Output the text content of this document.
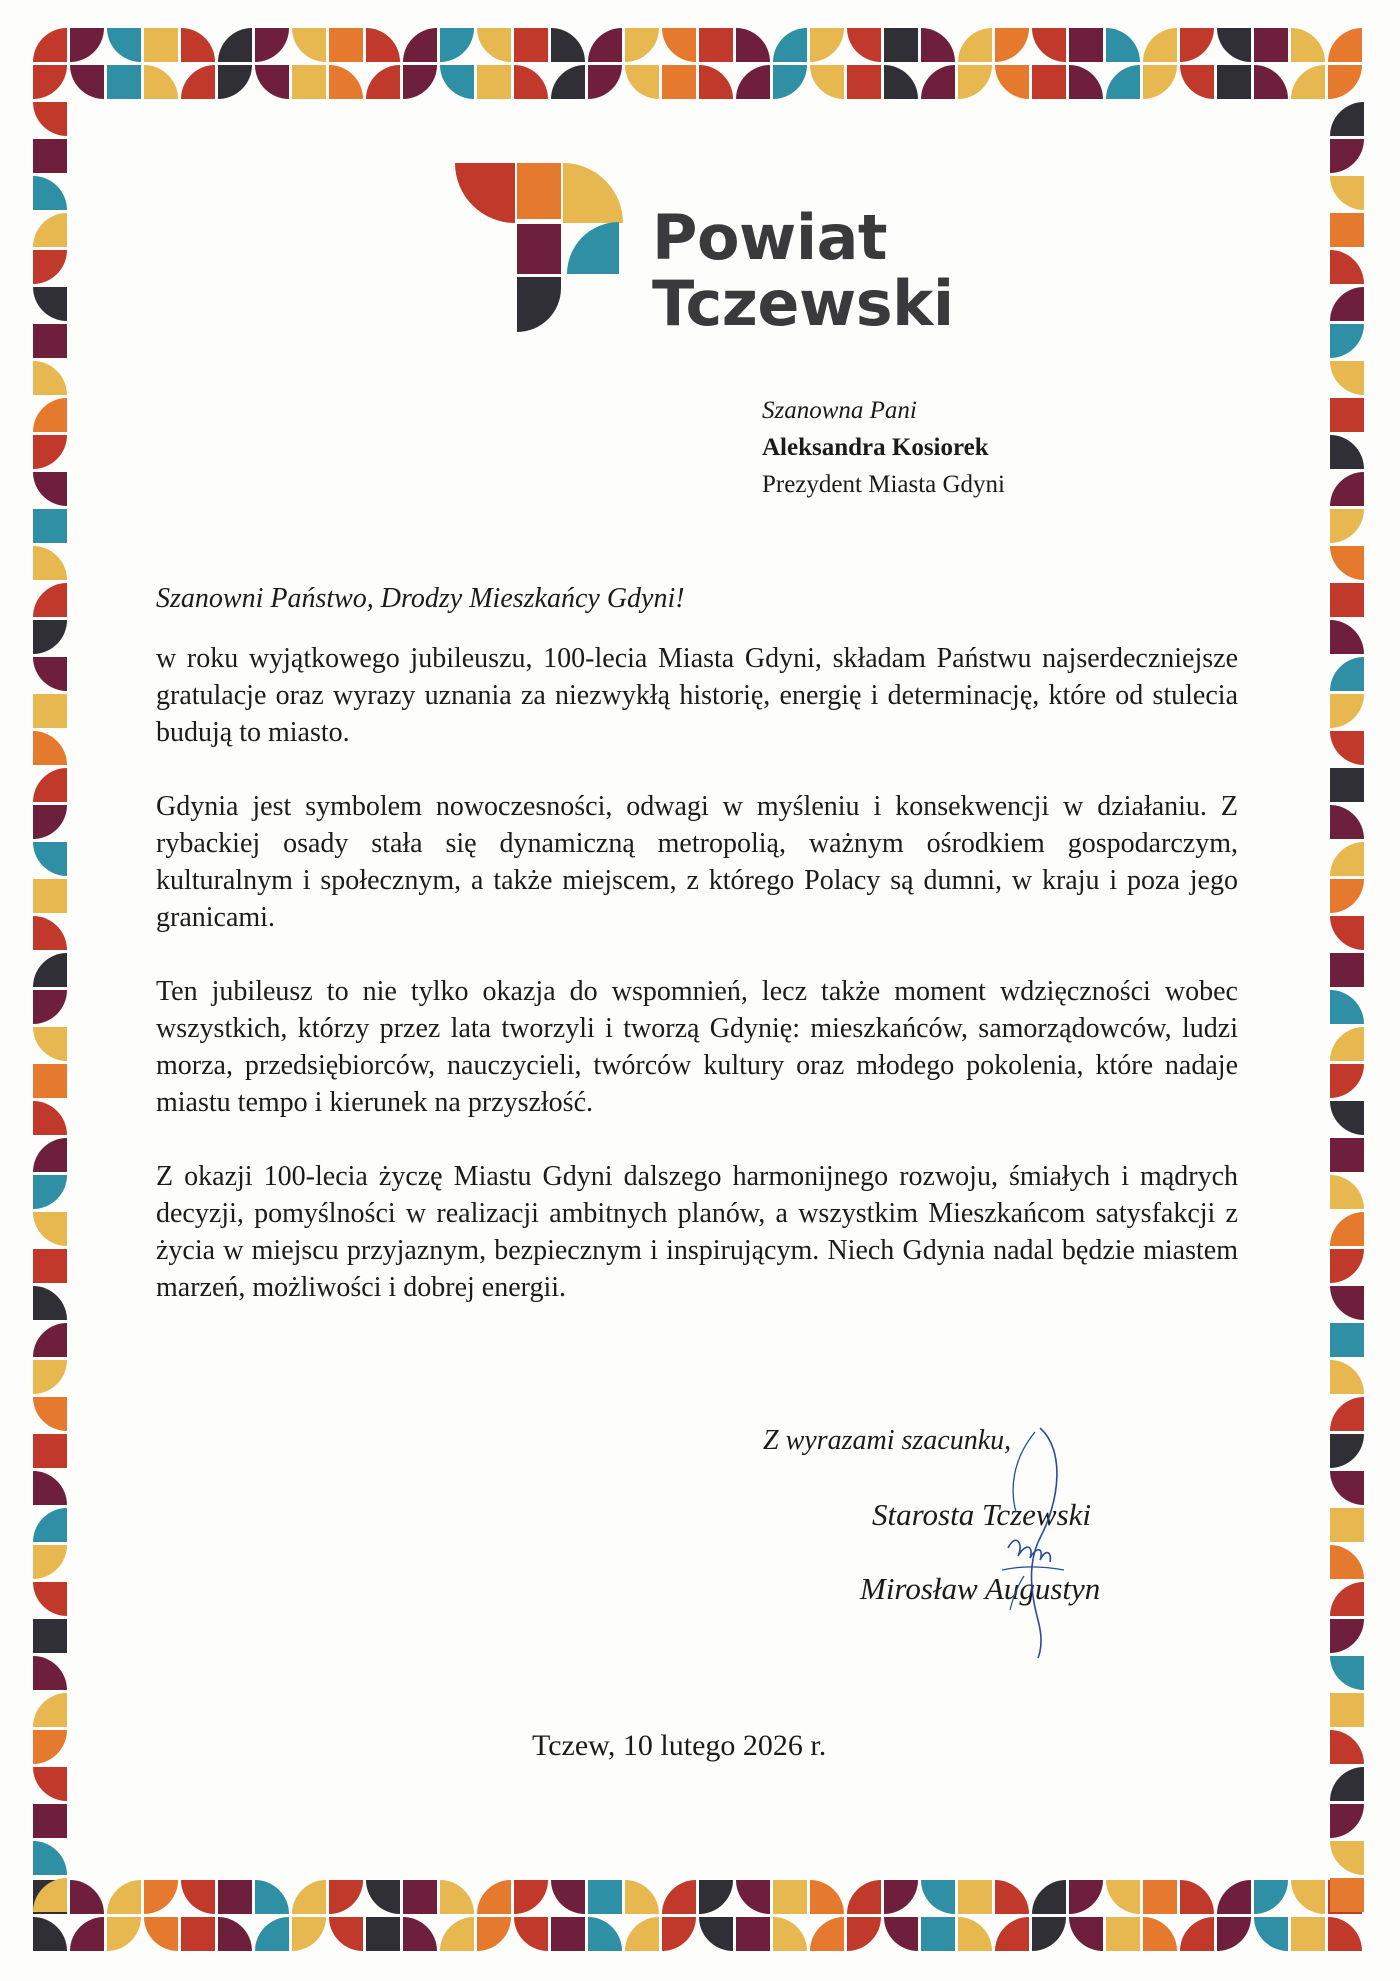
Powiat
Tczewski
Szanowna Pani
Aleksandra Kosiorek
Prezydent Miasta Gdyni
Szanowni Państwo, Drodzy Mieszkańcy Gdyni!

w roku wyjątkowego jubileuszu, 100-lecia Miasta Gdyni, składam Państwu najserdeczniejsze gratulacje oraz wyrazy uznania za niezwykłą historię, energię i determinację, które od stulecia budują to miasto.

Gdynia jest symbolem nowoczesności, odwagi w myśleniu i konsekwencji w działaniu. Z rybackiej osady stała się dynamiczną metropolią, ważnym ośrodkiem gospodarczym, kulturalnym i społecznym, a także miejscem, z którego Polacy są dumni, w kraju i poza jego granicami.

Ten jubileusz to nie tylko okazja do wspomnień, lecz także moment wdzięczności wobec wszystkich, którzy przez lata tworzyli i tworzą Gdynię: mieszkańców, samorządowców, ludzi morza, przedsiębiorców, nauczycieli, twórców kultury oraz młodego pokolenia, które nadaje miastu tempo i kierunek na przyszłość.

Z okazji 100-lecia życzę Miastu Gdyni dalszego harmonijnego rozwoju, śmiałych i mądrych decyzji, pomyślności w realizacji ambitnych planów, a wszystkim Mieszkańcom satysfakcji z życia w miejscu przyjaznym, bezpiecznym i inspirującym. Niech Gdynia nadal będzie miastem marzeń, możliwości i dobrej energii.

Z wyrazami szacunku,
Starosta Tczewski
Mirosław Augustyn
Tczew, 10 lutego 2026 r.
